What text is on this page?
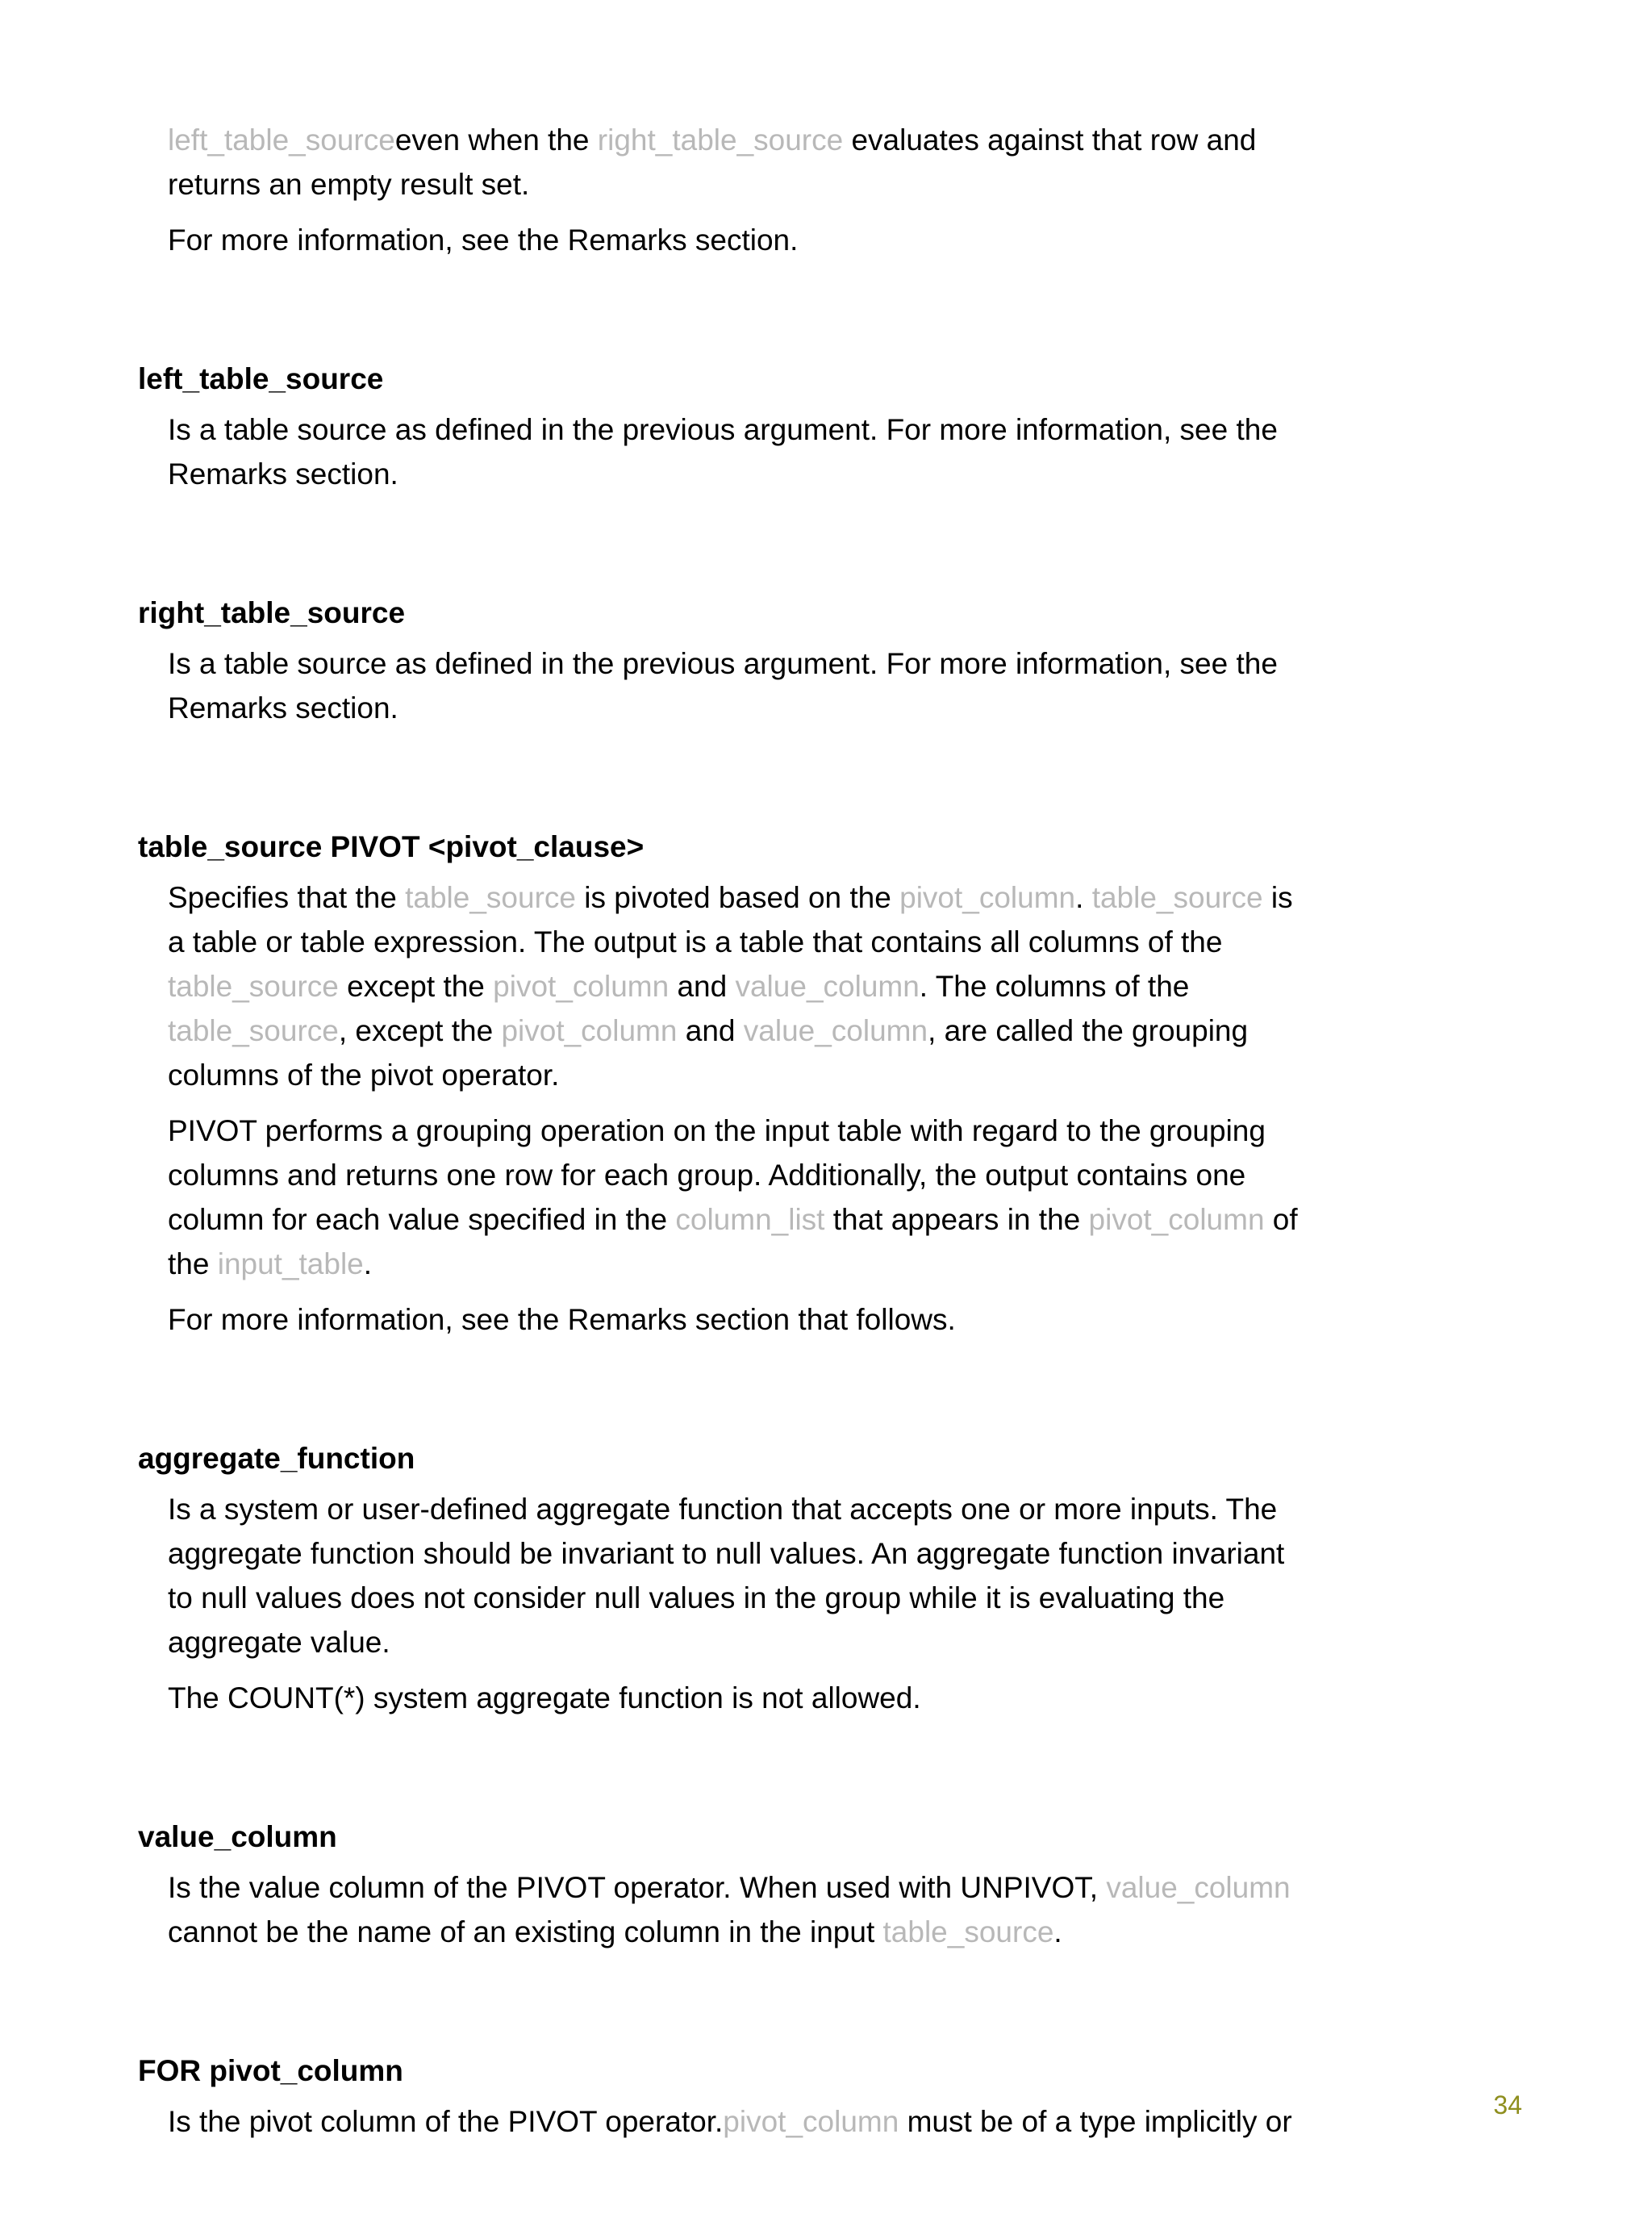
left_table_sourceeven when the right_table_source evaluates against that row and returns an empty result set.

For more information, see the Remarks section.

left_table_source

Is a table source as defined in the previous argument. For more information, see the Remarks section.

right_table_source

Is a table source as defined in the previous argument. For more information, see the Remarks section.

table_source PIVOT <pivot_clause>

Specifies that the table_source is pivoted based on the pivot_column. table_source is a table or table expression. The output is a table that contains all columns of the table_source except the pivot_column and value_column. The columns of the table_source, except the pivot_column and value_column, are called the grouping columns of the pivot operator.

PIVOT performs a grouping operation on the input table with regard to the grouping columns and returns one row for each group. Additionally, the output contains one column for each value specified in the column_list that appears in the pivot_column of the input_table.

For more information, see the Remarks section that follows.

aggregate_function

Is a system or user-defined aggregate function that accepts one or more inputs. The aggregate function should be invariant to null values. An aggregate function invariant to null values does not consider null values in the group while it is evaluating the aggregate value.

The COUNT(*) system aggregate function is not allowed.

value_column

Is the value column of the PIVOT operator. When used with UNPIVOT, value_column cannot be the name of an existing column in the input table_source.

FOR pivot_column

Is the pivot column of the PIVOT operator.pivot_column must be of a type implicitly or	34
